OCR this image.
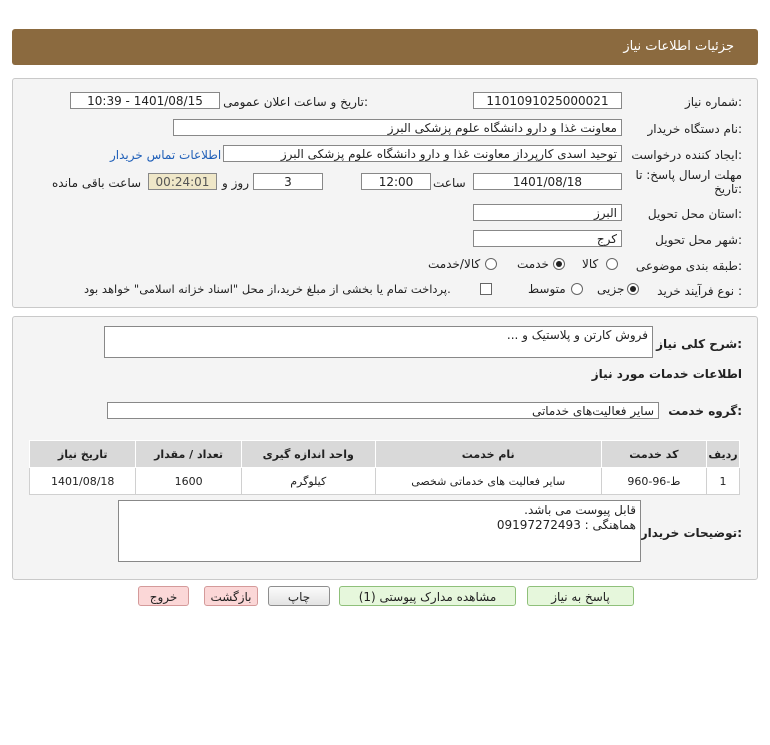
جزئیات اطلاعات نیاز
شماره نیاز:
1101091025000021
تاریخ و ساعت اعلان عمومی:
1401/08/15 - 10:39
نام دستگاه خریدار:
معاونت غذا و دارو دانشگاه علوم پزشکی البرز
ایجاد کننده درخواست:
توحید اسدی کارپرداز معاونت غذا و دارو دانشگاه علوم پزشکی البرز
اطلاعات تماس خریدار
مهلت ارسال پاسخ: تا
تاریخ:
1401/08/18
ساعت
12:00
3
روز و
00:24:01
ساعت باقی مانده
استان محل تحویل:
البرز
شهر محل تحویل:
کرج
طبقه بندی موضوعی:
کالا
خدمت
کالا/خدمت
نوع فرآیند خرید :
جزیی
متوسط
پرداخت تمام یا بخشی از مبلغ خرید،از محل "اسناد خزانه اسلامی" خواهد بود.
شرح کلی نیاز:
فروش کارتن و پلاستیک و ...
اطلاعات خدمات مورد نیاز
گروه خدمت:
سایر فعالیت‌های خدماتی
ردیف	کد خدمت	نام خدمت	واحد اندازه گیری	تعداد / مقدار	تاریخ نیاز
1	ط-96-960	سایر فعالیت های خدماتی شخصی	کیلوگرم	1600	1401/08/18
توضیحات خریدار:
قابل پیوست می باشد.
هماهنگی : 09197272493
پاسخ به نیاز
مشاهده مدارک پیوستی (1)
چاپ
بازگشت
خروج
